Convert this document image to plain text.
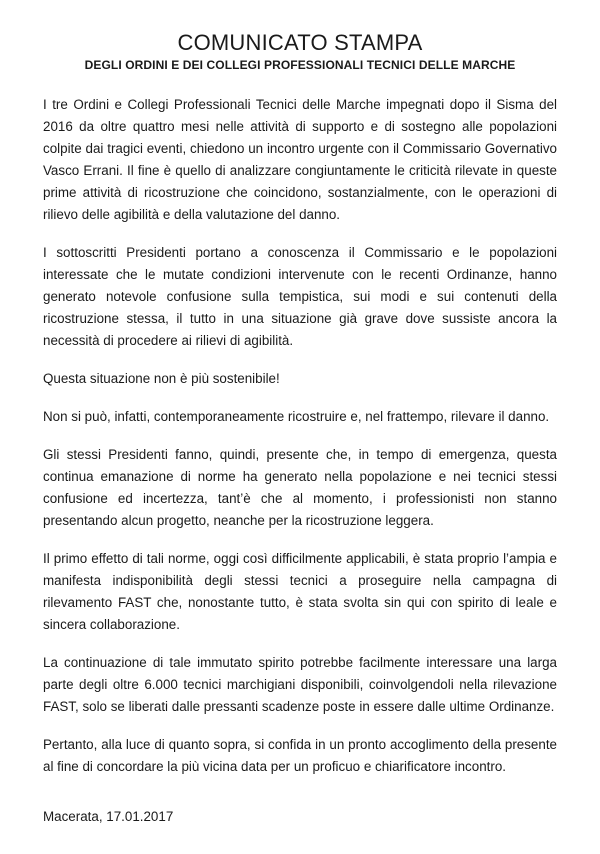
COMUNICATO STAMPA
DEGLI ORDINI E DEI COLLEGI PROFESSIONALI TECNICI DELLE MARCHE

I tre Ordini e Collegi Professionali Tecnici delle Marche impegnati dopo il Sisma del 2016 da oltre quattro mesi nelle attività di supporto e di sostegno alle popolazioni colpite dai tragici eventi, chiedono un incontro urgente con il Commissario Governativo Vasco Errani. Il fine è quello di analizzare congiuntamente le criticità rilevate in queste prime attività di ricostruzione che coincidono, sostanzialmente, con le operazioni di rilievo delle agibilità e della valutazione del danno.

I sottoscritti Presidenti portano a conoscenza il Commissario e le popolazioni interessate che le mutate condizioni intervenute con le recenti Ordinanze, hanno generato notevole confusione sulla tempistica, sui modi e sui contenuti della ricostruzione stessa, il tutto in una situazione già grave dove sussiste ancora la necessità di procedere ai rilievi di agibilità.

Questa situazione non è più sostenibile!

Non si può, infatti, contemporaneamente ricostruire e, nel frattempo, rilevare il danno.

Gli stessi Presidenti fanno, quindi, presente che, in tempo di emergenza, questa continua emanazione di norme ha generato nella popolazione e nei tecnici stessi confusione ed incertezza, tant’è che al momento, i professionisti non stanno presentando alcun progetto, neanche per la ricostruzione leggera.

Il primo effetto di tali norme, oggi così difficilmente applicabili, è stata proprio l’ampia e manifesta indisponibilità degli stessi tecnici a proseguire nella campagna di rilevamento FAST che, nonostante tutto, è stata svolta sin qui con spirito di leale e sincera collaborazione.

La continuazione di tale immutato spirito potrebbe facilmente interessare una larga parte degli oltre 6.000 tecnici marchigiani disponibili, coinvolgendoli nella rilevazione FAST, solo se liberati dalle pressanti scadenze poste in essere dalle ultime Ordinanze.

Pertanto, alla luce di quanto sopra, si confida in un pronto accoglimento della presente al fine di concordare la più vicina data per un proficuo e chiarificatore incontro.

Macerata, 17.01.2017
